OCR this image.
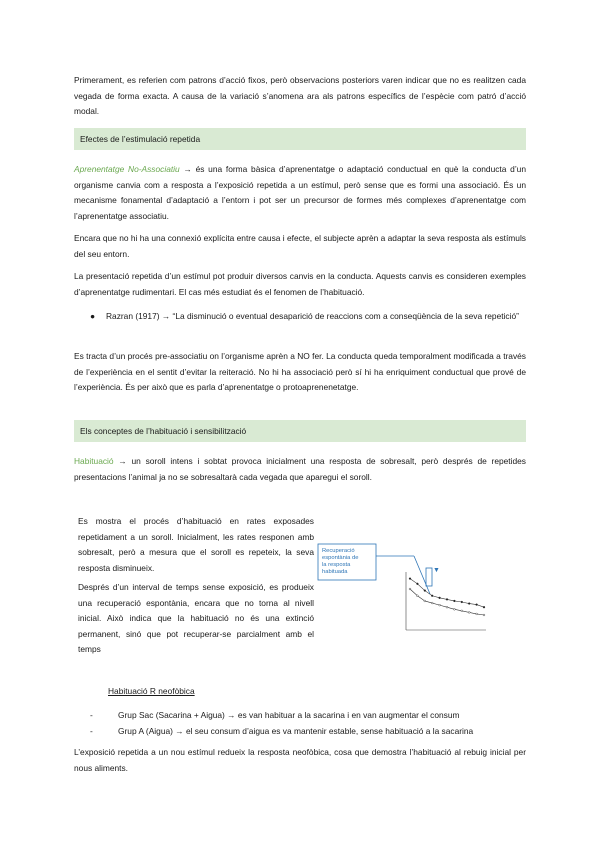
Primerament, es referien com patrons d’acció fixos, però observacions posteriors varen indicar que no es realitzen cada vegada de forma exacta. A causa de la variació s’anomena ara als patrons específics de l’espècie com patró d’acció modal.

Efectes de l’estimulació repetida

Aprenentatge No-Associatiu → és una forma bàsica d’aprenentatge o adaptació conductual en què la conducta d’un organisme canvia com a resposta a l’exposició repetida a un estímul, però sense que es formi una associació. És un mecanisme fonamental d’adaptació a l’entorn i pot ser un precursor de formes més complexes d’aprenentatge com l’aprenentatge associatiu.

Encara que no hi ha una connexió explícita entre causa i efecte, el subjecte aprèn a adaptar la seva resposta als estímuls del seu entorn.

La presentació repetida d’un estímul pot produir diversos canvis en la conducta. Aquests canvis es consideren exemples d’aprenentatge rudimentari. El cas més estudiat és el fenomen de l’habituació.

● Razran (1917) → “La disminució o eventual desaparició de reaccions com a conseqüència de la seva repetició”

Es tracta d’un procés pre-associatiu on l’organisme aprèn a NO fer. La conducta queda temporalment modificada a través de l’experiència en el sentit d’evitar la reiteració. No hi ha associació però sí hi ha enriquiment conductual que prové de l’experiència. És per això que es parla d’aprenentatge o protoaprenenetatge.

Els conceptes de l’habituació i sensibilització

Habituació → un soroll intens i sobtat provoca inicialment una resposta de sobresalt, però després de repetides presentacions l’animal ja no se sobresaltarà cada vegada que aparegui el soroll.

Es mostra el procés d’habituació en rates exposades repetidament a un soroll. Inicialment, les rates responen amb sobresalt, però a mesura que el soroll es repeteix, la seva resposta disminueix.

Després d’un interval de temps sense exposició, es produeix una recuperació espontània, encara que no torna al nivell inicial. Això indica que la habituació no és una extinció permanent, sinó que pot recuperar-se parcialment amb el temps

Recuperació espontània de la resposta habituada	▼

Habituació R neofòbica

-	Grup Sac (Sacarina + Aigua) → es van habituar a la sacarina i en van augmentar el consum
-	Grup A (Aigua) → el seu consum d’aigua es va mantenir estable, sense habituació a la sacarina

L’exposició repetida a un nou estímul redueix la resposta neofòbica, cosa que demostra l’habituació al rebuig inicial per nous aliments.
